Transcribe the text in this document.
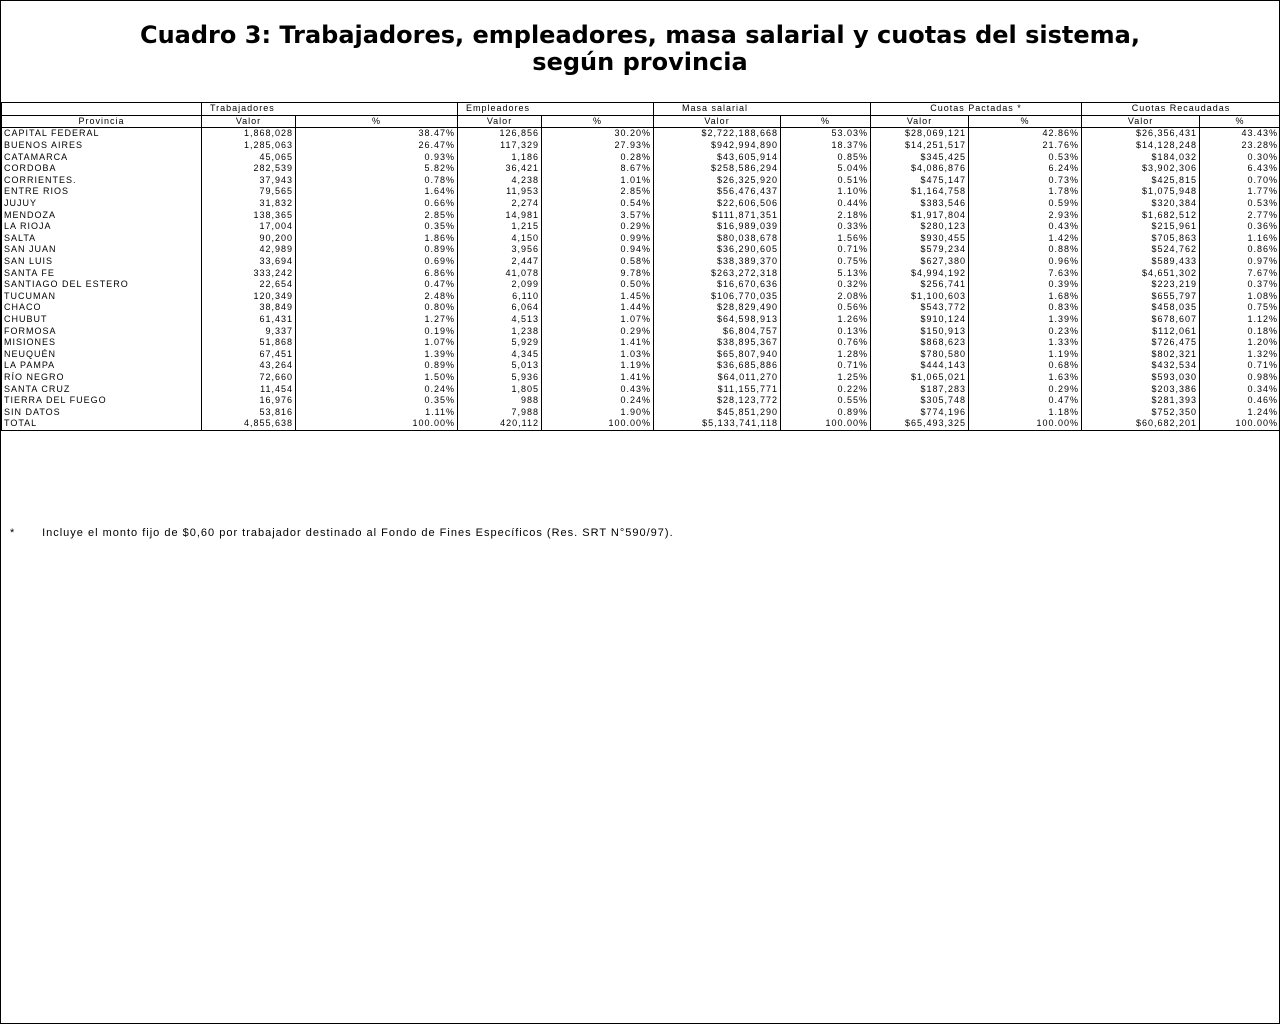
Cuadro 3: Trabajadores, empleadores, masa salarial y cuotas del sistema,
según provincia
	Trabajadores		Empleadores		Masa salarial		Cuotas Pactadas *		Cuotas Recaudadas	
Provincia	Valor	%	Valor	%	Valor	%	Valor	%	Valor	%
CAPITAL FEDERAL	1,868,028	38.47%	126,856	30.20%	$2,722,188,668	53.03%	$28,069,121	42.86%	$26,356,431	43.43%
BUENOS AIRES	1,285,063	26.47%	117,329	27.93%	$942,994,890	18.37%	$14,251,517	21.76%	$14,128,248	23.28%
CATAMARCA	45,065	0.93%	1,186	0.28%	$43,605,914	0.85%	$345,425	0.53%	$184,032	0.30%
CORDOBA	282,539	5.82%	36,421	8.67%	$258,586,294	5.04%	$4,086,876	6.24%	$3,902,306	6.43%
CORRIENTES.	37,943	0.78%	4,238	1.01%	$26,325,920	0.51%	$475,147	0.73%	$425,815	0.70%
ENTRE RIOS	79,565	1.64%	11,953	2.85%	$56,476,437	1.10%	$1,164,758	1.78%	$1,075,948	1.77%
JUJUY	31,832	0.66%	2,274	0.54%	$22,606,506	0.44%	$383,546	0.59%	$320,384	0.53%
MENDOZA	138,365	2.85%	14,981	3.57%	$111,871,351	2.18%	$1,917,804	2.93%	$1,682,512	2.77%
LA RIOJA	17,004	0.35%	1,215	0.29%	$16,989,039	0.33%	$280,123	0.43%	$215,961	0.36%
SALTA	90,200	1.86%	4,150	0.99%	$80,038,678	1.56%	$930,455	1.42%	$705,863	1.16%
SAN JUAN	42,989	0.89%	3,956	0.94%	$36,290,605	0.71%	$579,234	0.88%	$524,762	0.86%
SAN LUIS	33,694	0.69%	2,447	0.58%	$38,389,370	0.75%	$627,380	0.96%	$589,433	0.97%
SANTA FE	333,242	6.86%	41,078	9.78%	$263,272,318	5.13%	$4,994,192	7.63%	$4,651,302	7.67%
SANTIAGO DEL ESTERO	22,654	0.47%	2,099	0.50%	$16,670,636	0.32%	$256,741	0.39%	$223,219	0.37%
TUCUMAN	120,349	2.48%	6,110	1.45%	$106,770,035	2.08%	$1,100,603	1.68%	$655,797	1.08%
CHACO	38,849	0.80%	6,064	1.44%	$28,829,490	0.56%	$543,772	0.83%	$458,035	0.75%
CHUBUT	61,431	1.27%	4,513	1.07%	$64,598,913	1.26%	$910,124	1.39%	$678,607	1.12%
FORMOSA	9,337	0.19%	1,238	0.29%	$6,804,757	0.13%	$150,913	0.23%	$112,061	0.18%
MISIONES	51,868	1.07%	5,929	1.41%	$38,895,367	0.76%	$868,623	1.33%	$726,475	1.20%
NEUQUÉN	67,451	1.39%	4,345	1.03%	$65,807,940	1.28%	$780,580	1.19%	$802,321	1.32%
LA PAMPA	43,264	0.89%	5,013	1.19%	$36,685,886	0.71%	$444,143	0.68%	$432,534	0.71%
RÍO NEGRO	72,660	1.50%	5,936	1.41%	$64,011,270	1.25%	$1,065,021	1.63%	$593,030	0.98%
SANTA CRUZ	11,454	0.24%	1,805	0.43%	$11,155,771	0.22%	$187,283	0.29%	$203,386	0.34%
TIERRA DEL FUEGO	16,976	0.35%	988	0.24%	$28,123,772	0.55%	$305,748	0.47%	$281,393	0.46%
SIN DATOS	53,816	1.11%	7,988	1.90%	$45,851,290	0.89%	$774,196	1.18%	$752,350	1.24%
TOTAL	4,855,638	100.00%	420,112	100.00%	$5,133,741,118	100.00%	$65,493,325	100.00%	$60,682,201	100.00%
* Incluye el monto fijo de $0,60 por trabajador destinado al Fondo de Fines Específicos (Res. SRT N°590/97).
